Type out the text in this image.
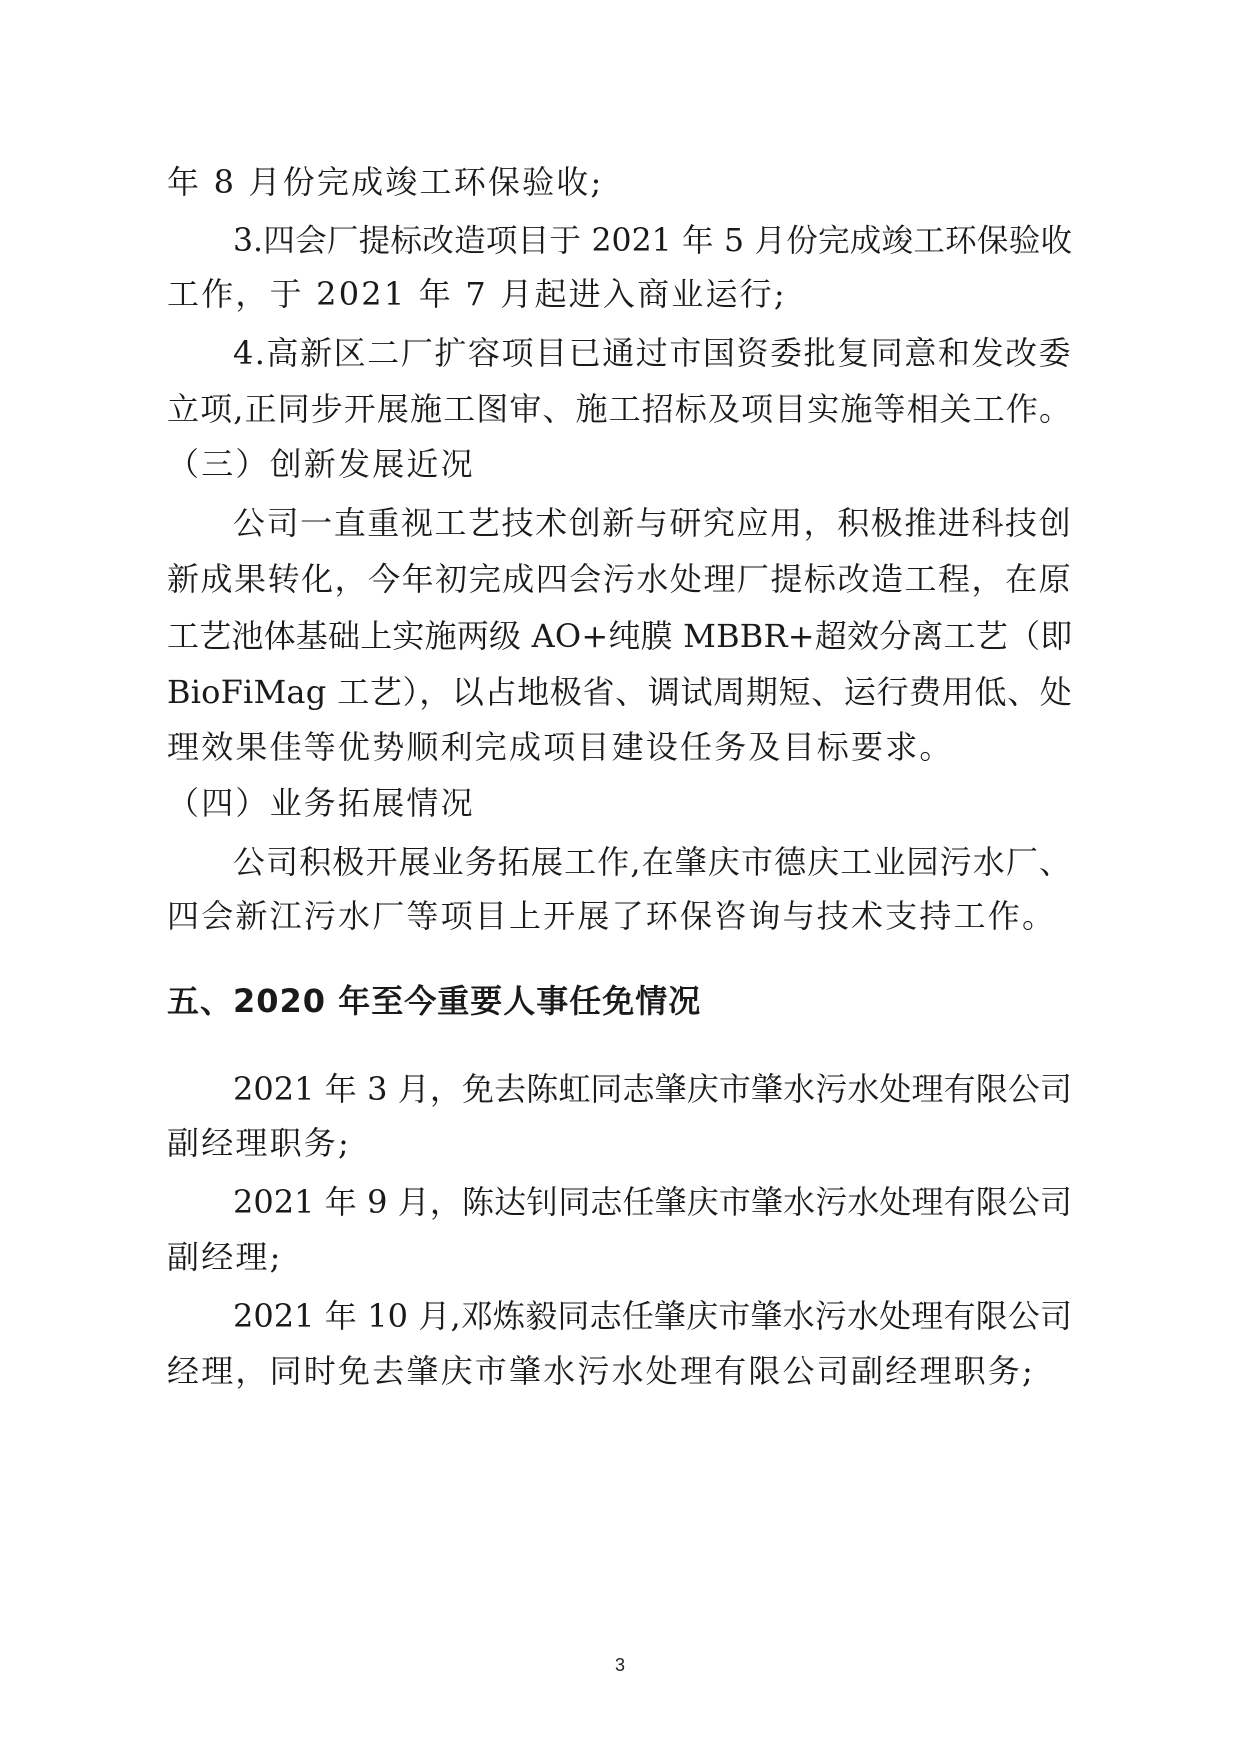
年 8 月份完成竣工环保验收;
3.四会厂提标改造项目于 2021 年 5 月份完成竣工环保验收
工作，于 2021 年 7 月起进入商业运行;
4.高新区二厂扩容项目已通过市国资委批复同意和发改委
立项,正同步开展施工图审、施工招标及项目实施等相关工作。
（三）创新发展近况
公司一直重视工艺技术创新与研究应用，积极推进科技创
新成果转化，今年初完成四会污水处理厂提标改造工程，在原
工艺池体基础上实施两级 AO+纯膜 MBBR+超效分离工艺（即
BioFiMag 工艺），以占地极省、调试周期短、运行费用低、处
理效果佳等优势顺利完成项目建设任务及目标要求。
（四）业务拓展情况
公司积极开展业务拓展工作,在肇庆市德庆工业园污水厂、
四会新江污水厂等项目上开展了环保咨询与技术支持工作。
五、2020 年至今重要人事任免情况
2021 年 3 月，免去陈虹同志肇庆市肇水污水处理有限公司
副经理职务;
2021 年 9 月，陈达钊同志任肇庆市肇水污水处理有限公司
副经理;
2021 年 10 月,邓炼毅同志任肇庆市肇水污水处理有限公司
经理，同时免去肇庆市肇水污水处理有限公司副经理职务;
3
